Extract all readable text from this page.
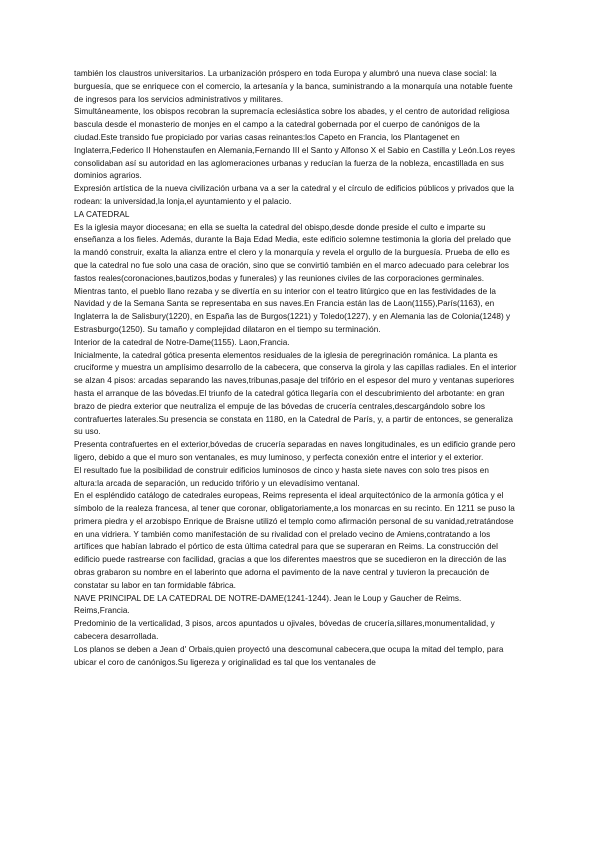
también los claustros universitarios. La urbanización próspero en toda Europa y alumbró una nueva clase social: la burguesía, que se enriquece con el comercio, la artesanía y la banca, suministrando a la monarquía una notable fuente de ingresos para los servicios administrativos y militares.

Simultáneamente, los obispos recobran la supremacía eclesiástica sobre los abades, y el centro de autoridad religiosa bascula desde el monasterio de monjes en el campo a la catedral gobernada por el cuerpo de canónigos de la ciudad.Este transido fue propiciado por varias casas reinantes:los Capeto en Francia, los Plantagenet en Inglaterra,Federico II Hohenstaufen en Alemania,Fernando III el Santo y Alfonso X el Sabio en Castilla y León.Los reyes consolidaban así su autoridad en las aglomeraciones urbanas y reducían la fuerza de la nobleza, encastillada en sus dominios agrarios.

Expresión artística de la nueva civilización urbana va a ser la catedral y el círculo de edificios públicos y privados que la rodean: la universidad,la lonja,el ayuntamiento y el palacio.

LA CATEDRAL

Es la iglesia mayor diocesana; en ella se suelta la catedral del obispo,desde donde preside el culto e imparte su enseñanza a los fieles. Además, durante la Baja Edad Media, este edificio solemne testimonia la gloria del prelado que la mandó construir, exalta la alianza entre el clero y la monarquía y revela el orgullo de la burguesía. Prueba de ello es que la catedral no fue solo una casa de oración, sino que se convirtió también en el marco adecuado para celebrar los fastos reales(coronaciones,bautizos,bodas y funerales) y las reuniones civiles de las corporaciones germinales. Mientras tanto, el pueblo llano rezaba y se divertía en su interior con el teatro litúrgico que en las festividades de la Navidad y de la Semana Santa se representaba en sus naves.En Francia están las de Laon(1155),París(1163), en Inglaterra la de Salisbury(1220), en España las de Burgos(1221) y Toledo(1227), y en Alemania las de Colonia(1248) y Estrasburgo(1250). Su tamaño y complejidad dilataron en el tiempo su terminación.

Interior de la catedral de Notre-Dame(1155). Laon,Francia.

Inicialmente, la catedral gótica presenta elementos residuales de la iglesia de peregrinación románica. La planta es cruciforme y muestra un amplísimo desarrollo de la cabecera, que conserva la girola y las capillas radiales. En el interior se alzan 4 pisos: arcadas separando las naves,tribunas,pasaje del trifório en el espesor del muro y ventanas superiores hasta el arranque de las bóvedas.El triunfo de la catedral gótica llegaría con el descubrimiento del arbotante: en gran brazo de piedra exterior que neutraliza el empuje de las bóvedas de crucería centrales,descargándolo sobre los contrafuertes laterales.Su presencia se constata en 1180, en la Catedral de París, y, a partir de entonces, se generaliza su uso.

Presenta contrafuertes en el exterior,bóvedas de crucería separadas en naves longitudinales, es un edificio grande pero ligero, debido a que el muro son ventanales, es muy luminoso, y perfecta conexión entre el interior y el exterior.

El resultado fue la posibilidad de construir edificios luminosos de cinco y hasta siete naves con solo tres pisos en altura:la arcada de separación, un reducido trifório y un elevadísimo ventanal.

En el espléndido catálogo de catedrales europeas, Reims representa el ideal arquitectónico de la armonía gótica y el símbolo de la realeza francesa, al tener que coronar, obligatoriamente,a los monarcas en su recinto. En 1211 se puso la primera piedra y el arzobispo Enrique de Braisne utilizó el templo como afirmación personal de su vanidad,retratándose en una vidriera. Y también como manifestación de su rivalidad con el prelado vecino de Amiens,contratando a los artífices que habían labrado el pórtico de esta última catedral para que se superaran en Reims. La construcción del edificio puede rastrearse con facilidad, gracias a que los diferentes maestros que se sucedieron en la dirección de las obras grabaron su nombre en el laberinto que adorna el pavimento de la nave central y tuvieron la precaución de constatar su labor en tan formidable fábrica.

NAVE PRINCIPAL DE LA CATEDRAL DE NOTRE-DAME(1241-1244). Jean le Loup y Gaucher de Reims. Reims,Francia.

Predominio de la verticalidad, 3 pisos, arcos apuntados u ojivales, bóvedas de crucería,sillares,monumentalidad, y cabecera desarrollada.

Los planos se deben a Jean d' Orbais,quien proyectó una descomunal cabecera,que ocupa la mitad del templo, para ubicar el coro de canónigos.Su ligereza y originalidad es tal que los ventanales de
